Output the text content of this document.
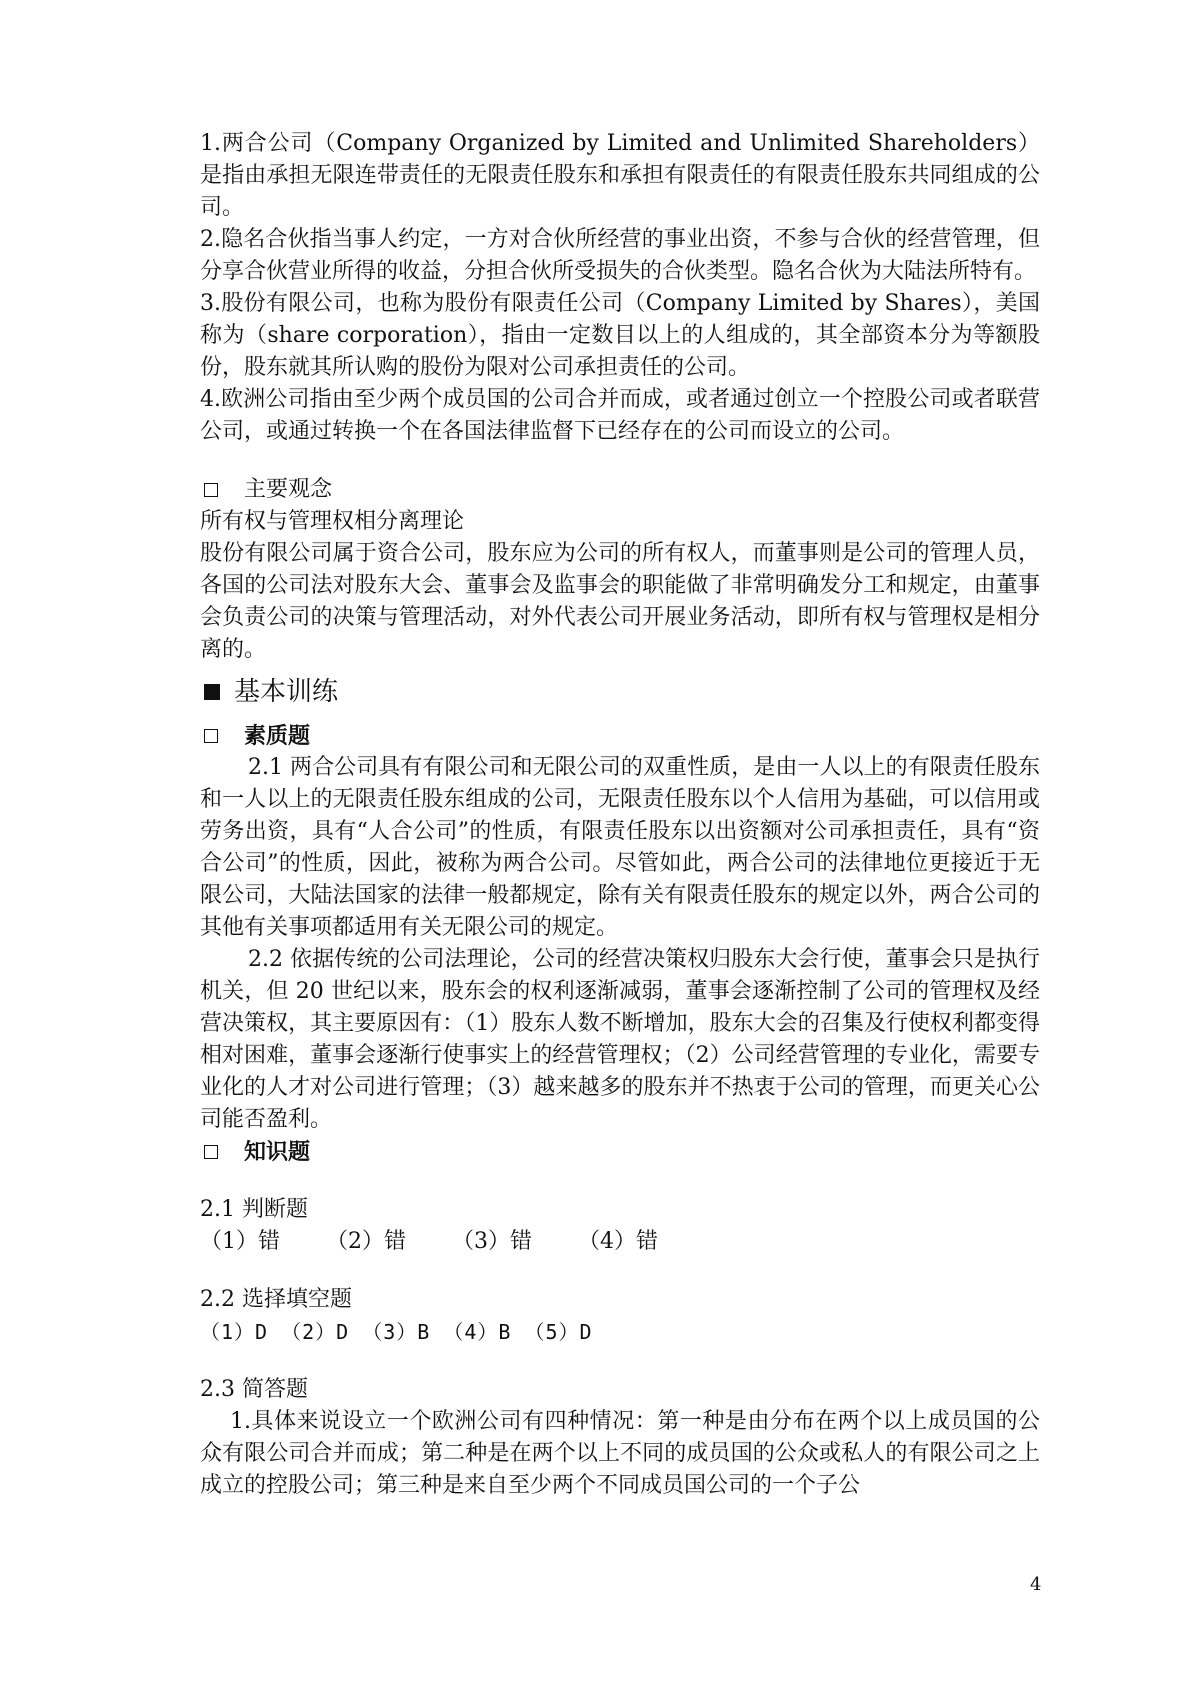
1.两合公司（Company Organized by Limited and Unlimited Shareholders）是指由承担无限连带责任的无限责任股东和承担有限责任的有限责任股东共同组成的公司。

2.隐名合伙指当事人约定，一方对合伙所经营的事业出资，不参与合伙的经营管理，但分享合伙营业所得的收益，分担合伙所受损失的合伙类型。隐名合伙为大陆法所特有。

3.股份有限公司，也称为股份有限责任公司（Company Limited by Shares），美国称为（share corporation），指由一定数目以上的人组成的，其全部资本分为等额股份，股东就其所认购的股份为限对公司承担责任的公司。

4.欧洲公司指由至少两个成员国的公司合并而成，或者通过创立一个控股公司或者联营公司，或通过转换一个在各国法律监督下已经存在的公司而设立的公司。

主要观念

所有权与管理权相分离理论

股份有限公司属于资合公司，股东应为公司的所有权人，而董事则是公司的管理人员，各国的公司法对股东大会、董事会及监事会的职能做了非常明确发分工和规定，由董事会负责公司的决策与管理活动，对外代表公司开展业务活动，即所有权与管理权是相分离的。

基本训练

素质题

2.1 两合公司具有有限公司和无限公司的双重性质，是由一人以上的有限责任股东和一人以上的无限责任股东组成的公司，无限责任股东以个人信用为基础，可以信用或劳务出资，具有“人合公司”的性质，有限责任股东以出资额对公司承担责任，具有“资合公司”的性质，因此，被称为两合公司。尽管如此，两合公司的法律地位更接近于无限公司，大陆法国家的法律一般都规定，除有关有限责任股东的规定以外，两合公司的其他有关事项都适用有关无限公司的规定。

2.2 依据传统的公司法理论，公司的经营决策权归股东大会行使，董事会只是执行机关，但 20 世纪以来，股东会的权利逐渐减弱，董事会逐渐控制了公司的管理权及经营决策权，其主要原因有：（1）股东人数不断增加，股东大会的召集及行使权利都变得相对困难，董事会逐渐行使事实上的经营管理权；（2）公司经营管理的专业化，需要专业化的人才对公司进行管理；（3）越来越多的股东并不热衷于公司的管理，而更关心公司能否盈利。

知识题

2.1 判断题

（1）错	（2）错	（3）错	（4）错

2.2 选择填空题

（1）D （2）D （3）B （4）B （5）D

2.3 简答题

1.具体来说设立一个欧洲公司有四种情况：第一种是由分布在两个以上成员国的公众有限公司合并而成；第二种是在两个以上不同的成员国的公众或私人的有限公司之上成立的控股公司；第三种是来自至少两个不同成员国公司的一个子公

4
